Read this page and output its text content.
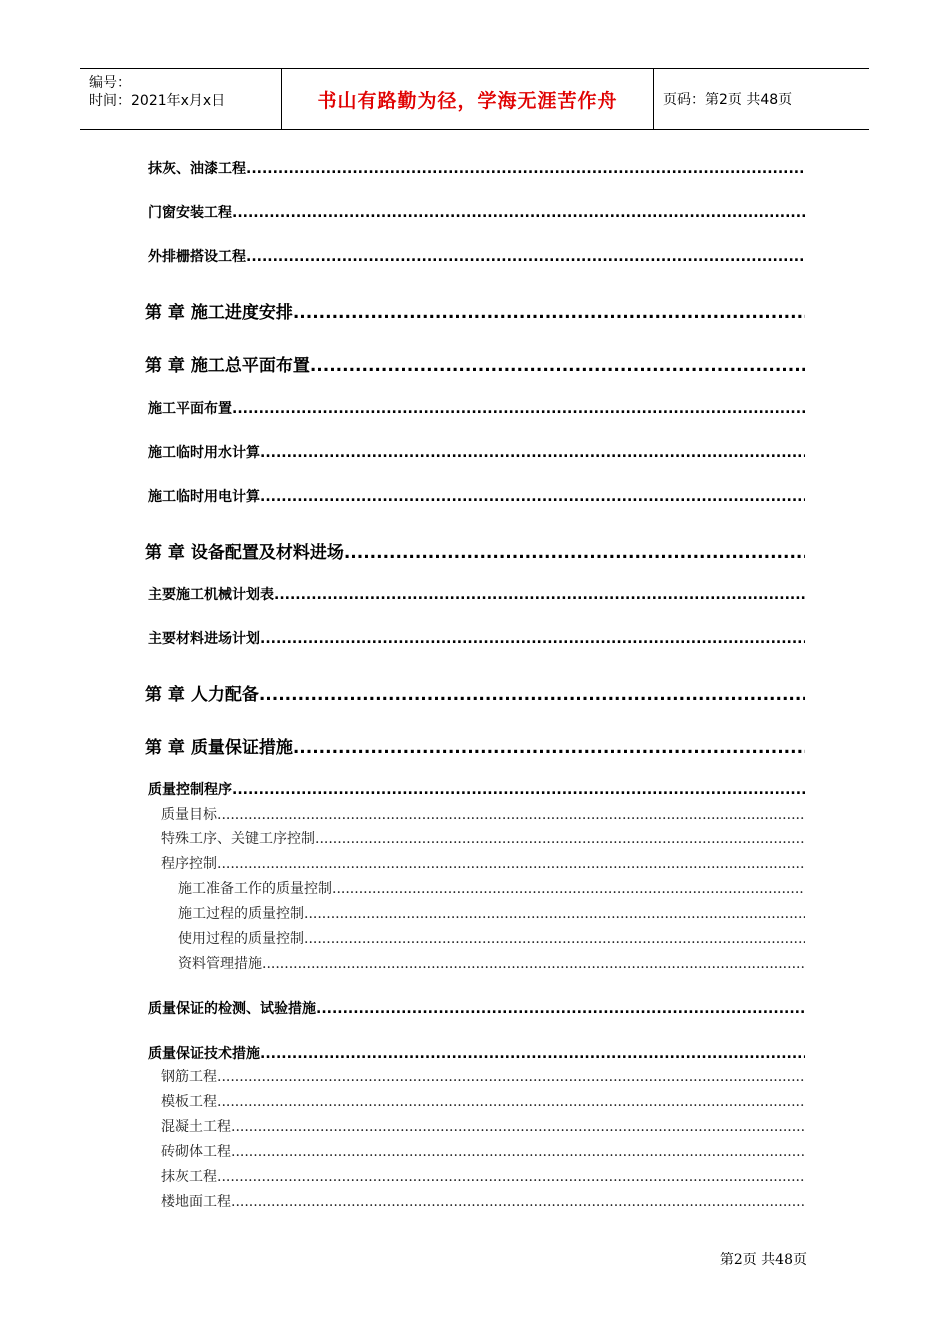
编号：
时间：2021年x月x日	书山有路勤为径，学海无涯苦作舟	页码：第2页 共48页
抹灰、油漆工程
.....
门窗安装工程
.....
外排栅搭设工程
.....
第 章 施工进度安排
.....
第 章 施工总平面布置
.....
施工平面布置
.....
施工临时用水计算
.....
施工临时用电计算
.....
第 章 设备配置及材料进场
.....
主要施工机械计划表
.....
主要材料进场计划
.....
第 章 人力配备
.....
第 章 质量保证措施
.....
质量控制程序
.....
质量目标
.....
特殊工序、关键工序控制
.....
程序控制
.....
施工准备工作的质量控制
.....
施工过程的质量控制
.....
使用过程的质量控制
.....
资料管理措施
.....
质量保证的检测、试验措施
.....
质量保证技术措施
.....
钢筋工程
.....
模板工程
.....
混凝土工程
.....
砖砌体工程
.....
抹灰工程
.....
楼地面工程
.....
第2页 共48页
